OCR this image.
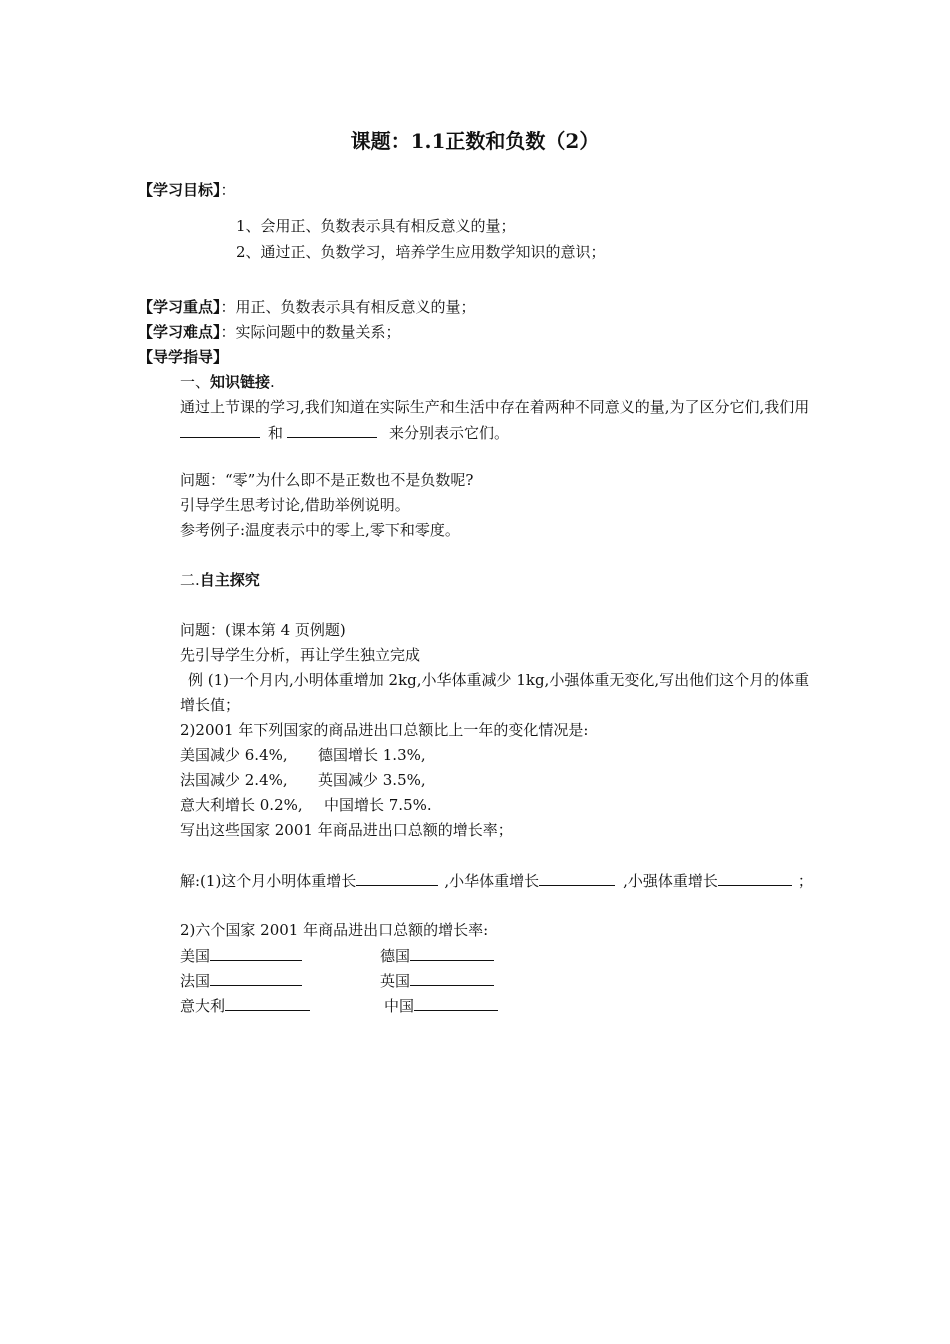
课题：1.1正数和负数（2）
【学习目标】：
1、会用正、负数表示具有相反意义的量；
2、通过正、负数学习，培养学生应用数学知识的意识；
【学习重点】：用正、负数表示具有相反意义的量；
【学习难点】：实际问题中的数量关系；
【导学指导】
一、知识链接.
通过上节课的学习,我们知道在实际生产和生活中存在着两种不同意义的量,为了区分它们,我们用
和	来分别表示它们。
问题：“零”为什么即不是正数也不是负数呢?
引导学生思考讨论,借助举例说明。
参考例子:温度表示中的零上,零下和零度。
二.自主探究
问题：(课本第 4 页例题)
先引导学生分析，再让学生独立完成
例 (1)一个月内,小明体重增加 2kg,小华体重减少 1kg,小强体重无变化,写出他们这个月的体重
增长值；
2)2001 年下列国家的商品进出口总额比上一年的变化情况是:
美国减少 6.4%, 德国增长 1.3%,
法国减少 2.4%, 英国减少 3.5%,
意大利增长 0.2%, 中国增长 7.5%.
写出这些国家 2001 年商品进出口总额的增长率；
解:(1)这个月小明体重增长	,小华体重增长	,小强体重增长	；
2)六个国家 2001 年商品进出口总额的增长率:
美国	德国
法国	英国
意大利	中国
